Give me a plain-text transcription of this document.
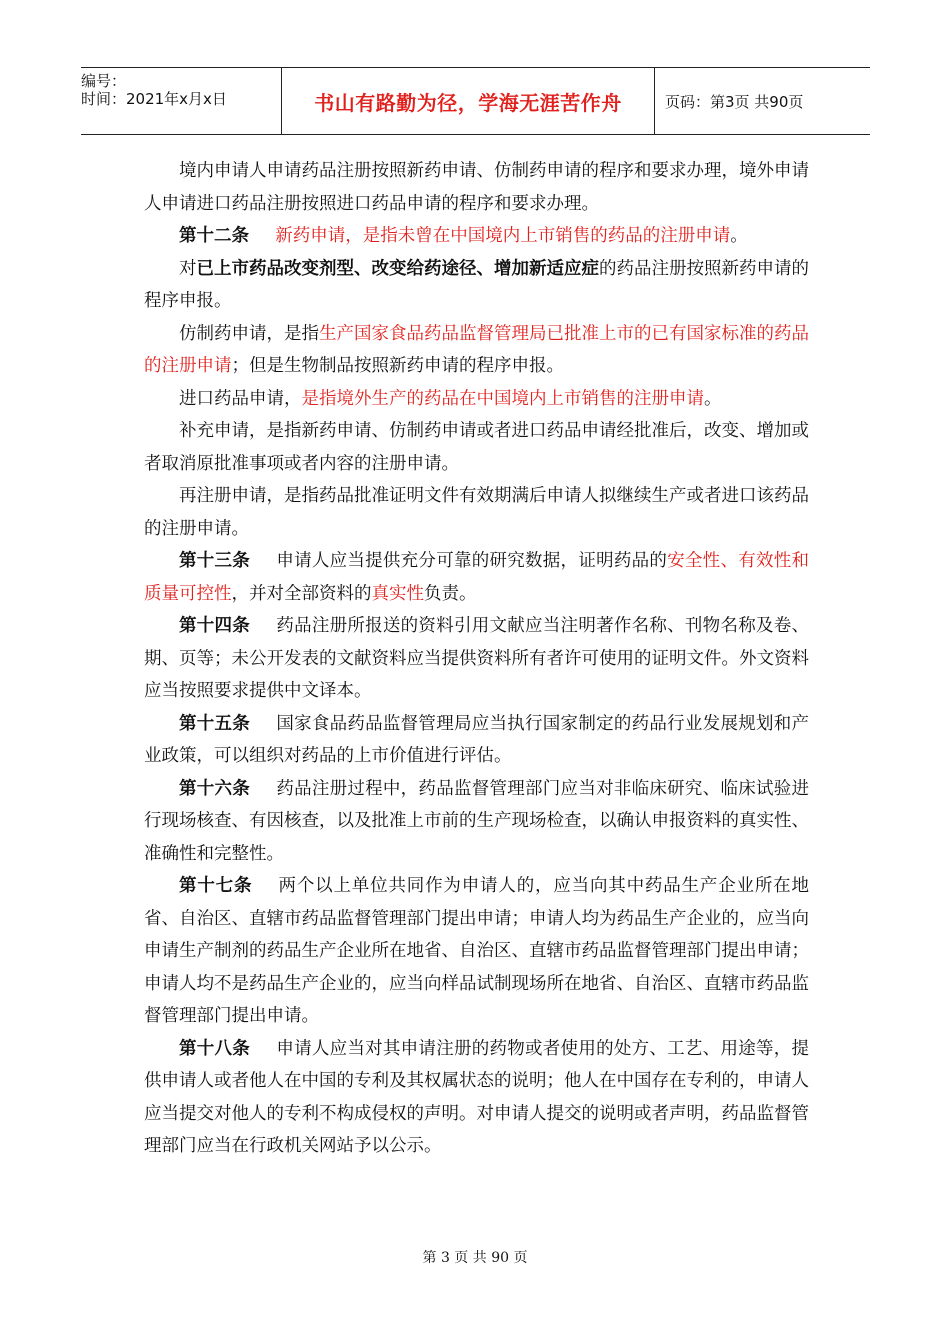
编号：
时间：2021年x月x日	书山有路勤为径，学海无涯苦作舟	页码：第3页 共90页

境内申请人申请药品注册按照新药申请、仿制药申请的程序和要求办理，境外申请人申请进口药品注册按照进口药品申请的程序和要求办理。

第十二条 新药申请，是指未曾在中国境内上市销售的药品的注册申请。

对已上市药品改变剂型、改变给药途径、增加新适应症的药品注册按照新药申请的程序申报。

仿制药申请，是指生产国家食品药品监督管理局已批准上市的已有国家标准的药品的注册申请；但是生物制品按照新药申请的程序申报。

进口药品申请，是指境外生产的药品在中国境内上市销售的注册申请。

补充申请，是指新药申请、仿制药申请或者进口药品申请经批准后，改变、增加或者取消原批准事项或者内容的注册申请。

再注册申请，是指药品批准证明文件有效期满后申请人拟继续生产或者进口该药品的注册申请。

第十三条 申请人应当提供充分可靠的研究数据，证明药品的安全性、有效性和质量可控性，并对全部资料的真实性负责。

第十四条 药品注册所报送的资料引用文献应当注明著作名称、刊物名称及卷、期、页等；未公开发表的文献资料应当提供资料所有者许可使用的证明文件。外文资料应当按照要求提供中文译本。

第十五条 国家食品药品监督管理局应当执行国家制定的药品行业发展规划和产业政策，可以组织对药品的上市价值进行评估。

第十六条 药品注册过程中，药品监督管理部门应当对非临床研究、临床试验进行现场核查、有因核查，以及批准上市前的生产现场检查，以确认申报资料的真实性、准确性和完整性。

第十七条 两个以上单位共同作为申请人的，应当向其中药品生产企业所在地省、自治区、直辖市药品监督管理部门提出申请；申请人均为药品生产企业的，应当向申请生产制剂的药品生产企业所在地省、自治区、直辖市药品监督管理部门提出申请；申请人均不是药品生产企业的，应当向样品试制现场所在地省、自治区、直辖市药品监督管理部门提出申请。

第十八条 申请人应当对其申请注册的药物或者使用的处方、工艺、用途等，提供申请人或者他人在中国的专利及其权属状态的说明；他人在中国存在专利的，申请人应当提交对他人的专利不构成侵权的声明。对申请人提交的说明或者声明，药品监督管理部门应当在行政机关网站予以公示。

第 3 页 共 90 页
